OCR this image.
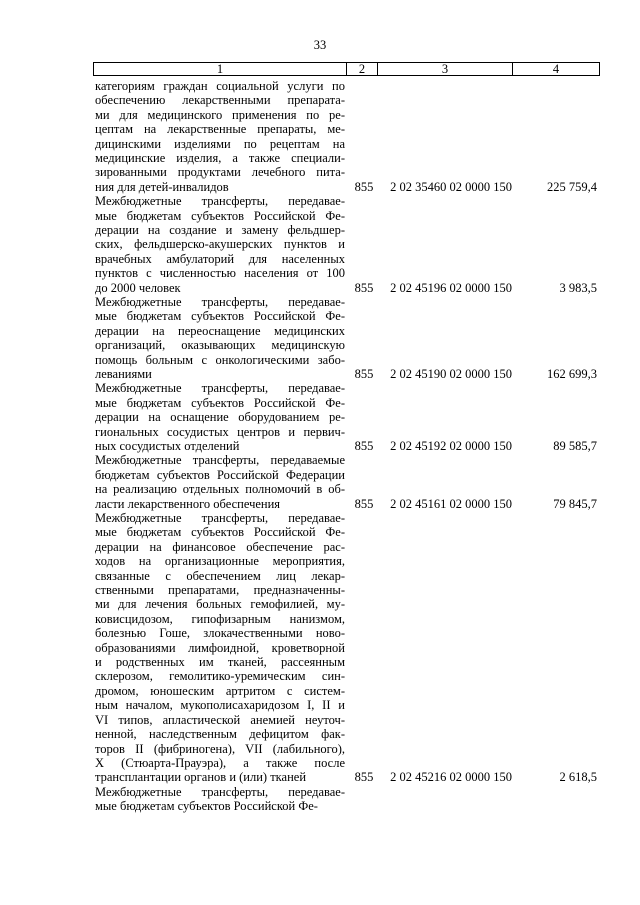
33
1	2	3	4
категориям граждан социальной услуги по
обеспечению лекарственными препарата-
ми для медицинского применения по ре-
цептам на лекарственные препараты, ме-
дицинскими изделиями по рецептам на
медицинские изделия, а также специали-
зированными продуктами лечебного пита-
ния для детей-инвалидов	855	2 02 35460 02 0000 150	225 759,4
Межбюджетные трансферты, передавае-
мые бюджетам субъектов Российской Фе-
дерации на создание и замену фельдшер-
ских, фельдшерско-акушерских пунктов и
врачебных амбулаторий для населенных
пунктов с численностью населения от 100
до 2000 человек	855	2 02 45196 02 0000 150	3 983,5
Межбюджетные трансферты, передавае-
мые бюджетам субъектов Российской Фе-
дерации на переоснащение медицинских
организаций, оказывающих медицинскую
помощь больным с онкологическими забо-
леваниями	855	2 02 45190 02 0000 150	162 699,3
Межбюджетные трансферты, передавае-
мые бюджетам субъектов Российской Фе-
дерации на оснащение оборудованием ре-
гиональных сосудистых центров и первич-
ных сосудистых отделений	855	2 02 45192 02 0000 150	89 585,7
Межбюджетные трансферты, передаваемые
бюджетам субъектов Российской Федерации
на реализацию отдельных полномочий в об-
ласти лекарственного обеспечения	855	2 02 45161 02 0000 150	79 845,7
Межбюджетные трансферты, передавае-
мые бюджетам субъектов Российской Фе-
дерации на финансовое обеспечение рас-
ходов на организационные мероприятия,
связанные с обеспечением лиц лекар-
ственными препаратами, предназначенны-
ми для лечения больных гемофилией, му-
ковисцидозом, гипофизарным нанизмом,
болезнью Гоше, злокачественными ново-
образованиями лимфоидной, кроветворной
и родственных им тканей, рассеянным
склерозом, гемолитико-уремическим син-
дромом, юношеским артритом с систем-
ным началом, мукополисахаридозом I, II и
VI типов, апластической анемией неуточ-
ненной, наследственным дефицитом фак-
торов II (фибриногена), VII (лабильного),
X (Стюарта-Прауэра), а также после
трансплантации органов и (или) тканей	855	2 02 45216 02 0000 150	2 618,5
Межбюджетные трансферты, передавае-
мые бюджетам субъектов Российской Фе-
